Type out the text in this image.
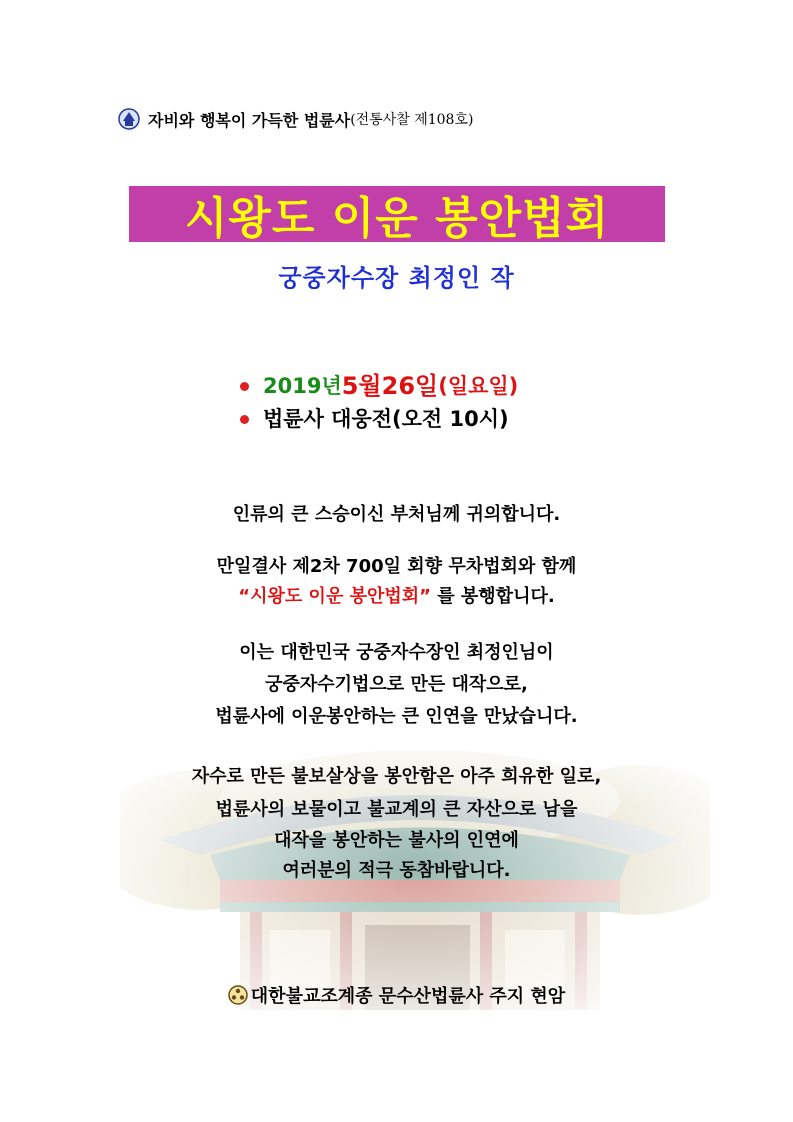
자비와 행복이 가득한 법륜사 (전통사찰 제108호)
시왕도 이운 봉안법회
궁중자수장 최정인 작
2019년 5월 26일 (일요일)
법륜사 대웅전(오전 10시)
인류의 큰 스승이신 부처님께 귀의합니다.
만일결사 제2차 700일 회향 무차법회와 함께
“시왕도 이운 봉안법회” 를 봉행합니다.
이는 대한민국 궁중자수장인 최정인님이
궁중자수기법으로 만든 대작으로,
법륜사에 이운봉안하는 큰 인연을 만났습니다.
자수로 만든 불보살상을 봉안함은 아주 희유한 일로,
법륜사의 보물이고 불교계의 큰 자산으로 남을
대작을 봉안하는 불사의 인연에
여러분의 적극 동참바랍니다.
대한불교조계종 문수산법륜사 주지 현암
